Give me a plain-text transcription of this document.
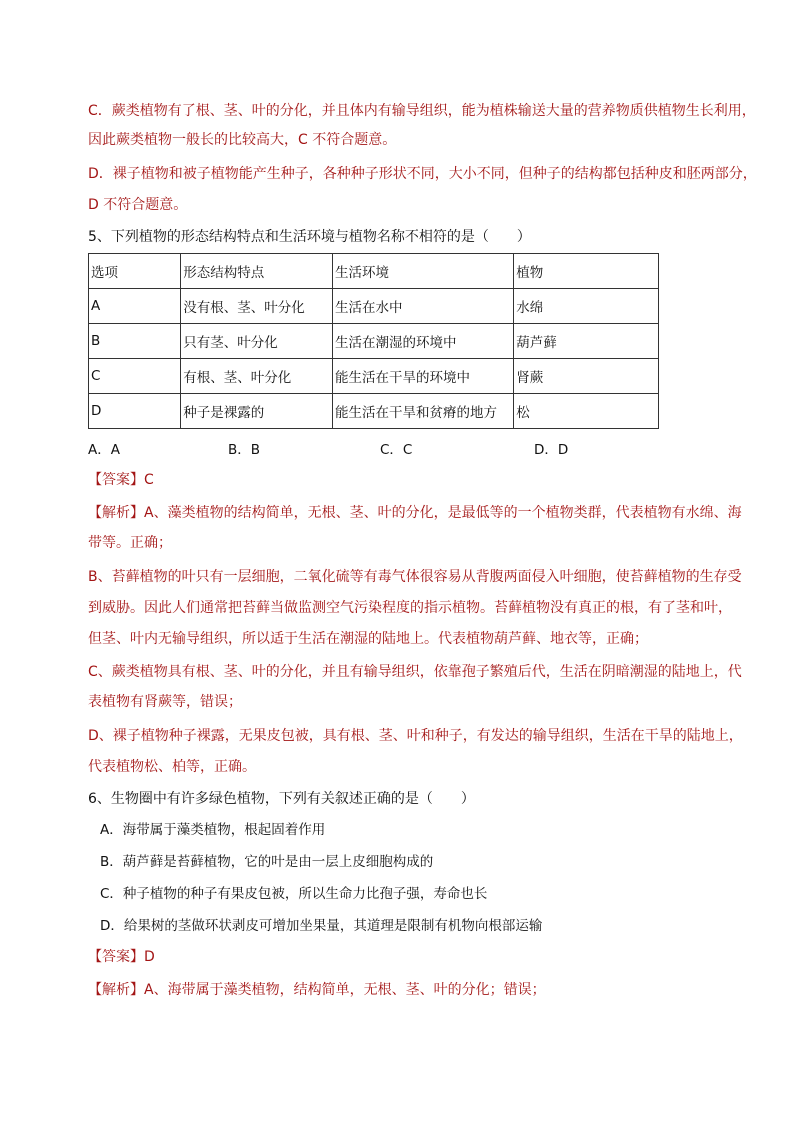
C．蕨类植物有了根、茎、叶的分化，并且体内有输导组织，能为植株输送大量的营养物质供植物生长利用，
因此蕨类植物一般长的比较高大，C 不符合题意。
D．裸子植物和被子植物能产生种子，各种种子形状不同，大小不同，但种子的结构都包括种皮和胚两部分，
D 不符合题意。
5、下列植物的形态结构特点和生活环境与植物名称不相符的是（　　）
选项	形态结构特点	生活环境	植物
A	没有根、茎、叶分化	生活在水中	水绵
B	只有茎、叶分化	生活在潮湿的环境中	葫芦藓
C	有根、茎、叶分化	能生活在干旱的环境中	肾蕨
D	种子是裸露的	能生活在干旱和贫瘠的地方	松
A．A	B．B	C．C	D．D
【答案】C
【解析】A、藻类植物的结构简单，无根、茎、叶的分化，是最低等的一个植物类群，代表植物有水绵、海
带等。正确；
B、苔藓植物的叶只有一层细胞，二氧化硫等有毒气体很容易从背腹两面侵入叶细胞，使苔藓植物的生存受
到威胁。因此人们通常把苔藓当做监测空气污染程度的指示植物。苔藓植物没有真正的根，有了茎和叶，
但茎、叶内无输导组织，所以适于生活在潮湿的陆地上。代表植物葫芦藓、地衣等，正确；
C、蕨类植物具有根、茎、叶的分化，并且有输导组织，依靠孢子繁殖后代，生活在阴暗潮湿的陆地上，代
表植物有肾蕨等，错误；
D、裸子植物种子裸露，无果皮包被，具有根、茎、叶和种子，有发达的输导组织，生活在干旱的陆地上，
代表植物松、柏等，正确。
6、生物圈中有许多绿色植物，下列有关叙述正确的是（　　）
A．海带属于藻类植物，根起固着作用
B．葫芦藓是苔藓植物，它的叶是由一层上皮细胞构成的
C．种子植物的种子有果皮包被，所以生命力比孢子强，寿命也长
D．给果树的茎做环状剥皮可增加坐果量，其道理是限制有机物向根部运输
【答案】D
【解析】A、海带属于藻类植物，结构简单，无根、茎、叶的分化；错误；
